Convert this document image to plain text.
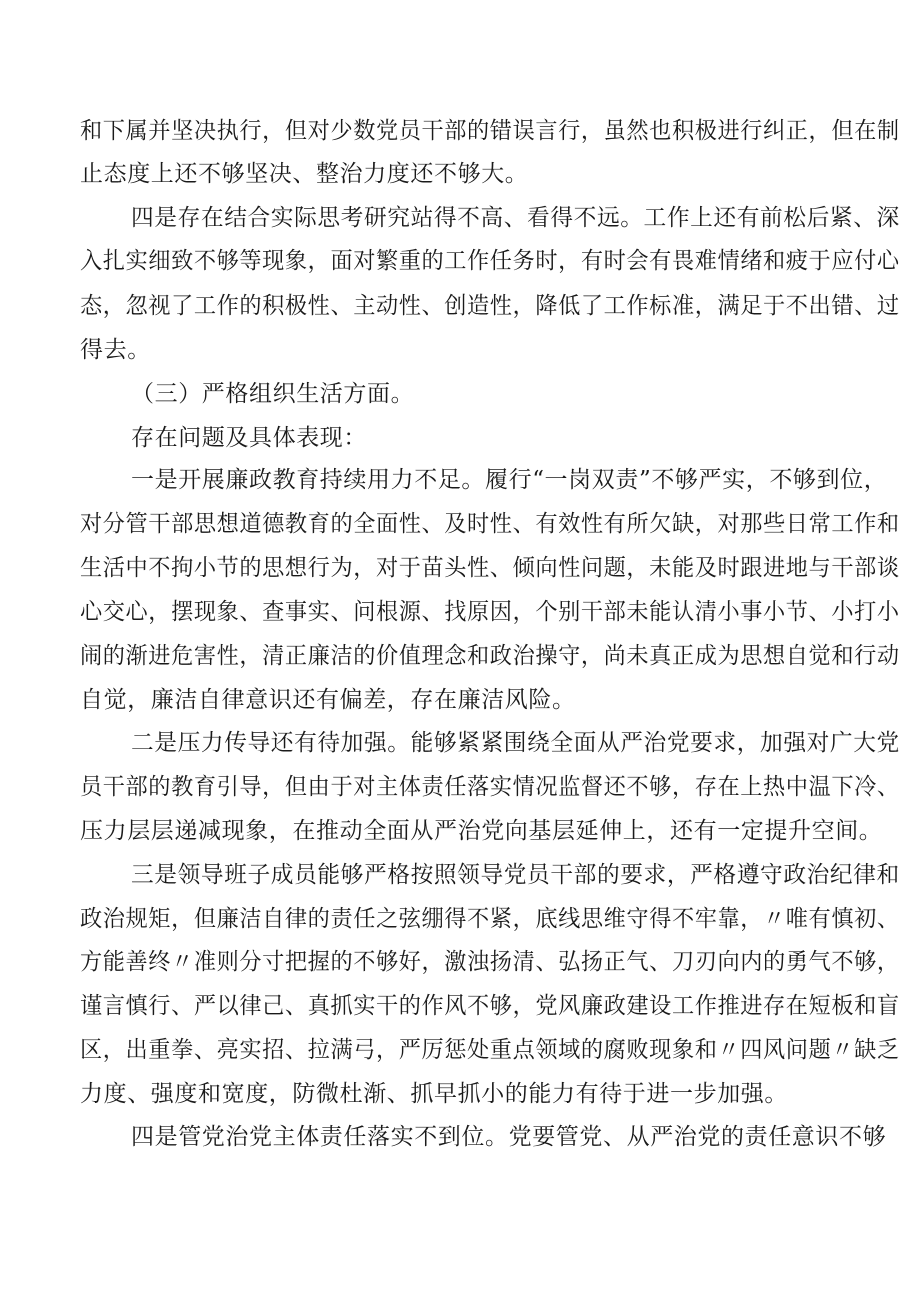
和下属并坚决执行，但对少数党员干部的错误言行，虽然也积极进行纠正，但在制
止态度上还不够坚决、整治力度还不够大。
四是存在结合实际思考研究站得不高、看得不远。工作上还有前松后紧、深
入扎实细致不够等现象，面对繁重的工作任务时，有时会有畏难情绪和疲于应付心
态，忽视了工作的积极性、主动性、创造性，降低了工作标准，满足于不出错、过
得去。
（三）严格组织生活方面。
存在问题及具体表现：
一是开展廉政教育持续用力不足。履行“一岗双责”不够严实，不够到位，
对分管干部思想道德教育的全面性、及时性、有效性有所欠缺，对那些日常工作和
生活中不拘小节的思想行为，对于苗头性、倾向性问题，未能及时跟进地与干部谈
心交心，摆现象、查事实、问根源、找原因，个别干部未能认清小事小节、小打小
闹的渐进危害性，清正廉洁的价值理念和政治操守，尚未真正成为思想自觉和行动
自觉，廉洁自律意识还有偏差，存在廉洁风险。
二是压力传导还有待加强。能够紧紧围绕全面从严治党要求，加强对广大党
员干部的教育引导，但由于对主体责任落实情况监督还不够，存在上热中温下冷、
压力层层递减现象，在推动全面从严治党向基层延伸上，还有一定提升空间。
三是领导班子成员能够严格按照领导党员干部的要求，严格遵守政治纪律和
政治规矩，但廉洁自律的责任之弦绷得不紧，底线思维守得不牢靠，〃唯有慎初、
方能善终〃准则分寸把握的不够好，激浊扬清、弘扬正气、刀刃向内的勇气不够，
谨言慎行、严以律己、真抓实干的作风不够，党风廉政建设工作推进存在短板和盲
区，出重拳、亮实招、拉满弓，严厉惩处重点领域的腐败现象和〃四风问题〃缺乏
力度、强度和宽度，防微杜渐、抓早抓小的能力有待于进一步加强。
四是管党治党主体责任落实不到位。党要管党、从严治党的责任意识不够
